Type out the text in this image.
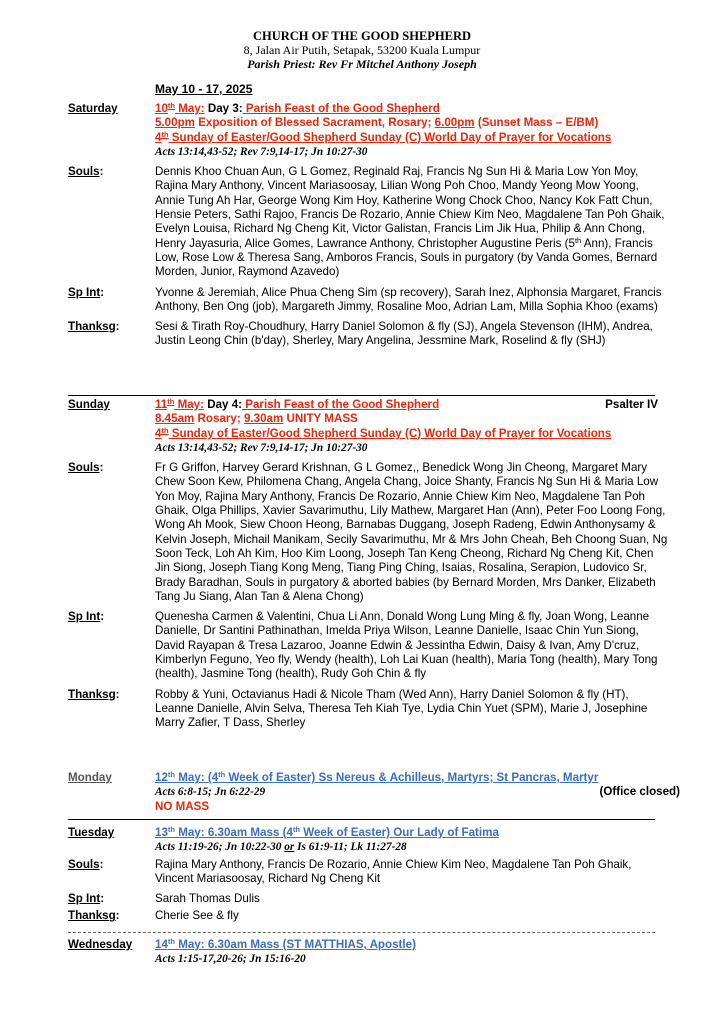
CHURCH OF THE GOOD SHEPHERD
8, Jalan Air Putih, Setapak, 53200 Kuala Lumpur
Parish Priest: Rev Fr Mitchel Anthony Joseph
May 10 - 17, 2025
Saturday	10th May: Day 3: Parish Feast of the Good Shepherd
5.00pm Exposition of Blessed Sacrament, Rosary; 6.00pm (Sunset Mass – E/BM)
4th Sunday of Easter/Good Shepherd Sunday (C) World Day of Prayer for Vocations
Acts 13:14,43-52; Rev 7:9,14-17; Jn 10:27-30
Souls:	Dennis Khoo Chuan Aun, G L Gomez, Reginald Raj, Francis Ng Sun Hi & Maria Low Yon Moy, Rajina Mary Anthony, Vincent Mariasoosay, Lilian Wong Poh Choo, Mandy Yeong Mow Yoong, Annie Tung Ah Har, George Wong Kim Hoy, Katherine Wong Chock Choo, Nancy Kok Fatt Chun, Hensie Peters, Sathi Rajoo, Francis De Rozario, Annie Chiew Kim Neo, Magdalene Tan Poh Ghaik, Evelyn Louisa, Richard Ng Cheng Kit, Victor Galistan, Francis Lim Jik Hua, Philip & Ann Chong, Henry Jayasuria, Alice Gomes, Lawrance Anthony, Christopher Augustine Peris (5th Ann), Francis Low, Rose Low & Theresa Sang, Amboros Francis, Souls in purgatory (by Vanda Gomes, Bernard Morden, Junior, Raymond Azavedo)
Sp Int:	Yvonne & Jeremiah, Alice Phua Cheng Sim (sp recovery), Sarah Inez, Alphonsia Margaret, Francis Anthony, Ben Ong (job), Margareth Jimmy, Rosaline Moo, Adrian Lam, Milla Sophia Khoo (exams)
Thanksg:	Sesi & Tirath Roy-Choudhury, Harry Daniel Solomon & fly (SJ), Angela Stevenson (IHM), Andrea, Justin Leong Chin (b'day), Sherley, Mary Angelina, Jessmine Mark, Roselind & fly (SHJ)
Sunday	Psalter IV
11th May: Day 4: Parish Feast of the Good Shepherd
8.45am Rosary; 9.30am UNITY MASS
4th Sunday of Easter/Good Shepherd Sunday (C) World Day of Prayer for Vocations
Acts 13:14,43-52; Rev 7:9,14-17; Jn 10:27-30
Souls:	Fr G Griffon, Harvey Gerard Krishnan, G L Gomez,, Benedick Wong Jin Cheong, Margaret Mary Chew Soon Kew, Philomena Chang, Angela Chang, Joice Shanty, Francis Ng Sun Hi & Maria Low Yon Moy, Rajina Mary Anthony, Francis De Rozario, Annie Chiew Kim Neo, Magdalene Tan Poh Ghaik, Olga Phillips, Xavier Savarimuthu, Lily Mathew, Margaret Han (Ann), Peter Foo Loong Fong, Wong Ah Mook, Siew Choon Heong, Barnabas Duggang, Joseph Radeng, Edwin Anthonysamy & Kelvin Joseph, Michail Manikam, Secily Savarimuthu, Mr & Mrs John Cheah, Beh Choong Suan, Ng Soon Teck, Loh Ah Kim, Hoo Kim Loong, Joseph Tan Keng Cheong, Richard Ng Cheng Kit, Chen Jin Siong, Joseph Tiang Kong Meng, Tiang Ping Ching, Isaias, Rosalina, Serapion, Ludovico Sr, Brady Baradhan, Souls in purgatory & aborted babies (by Bernard Morden, Mrs Danker, Elizabeth Tang Ju Siang, Alan Tan & Alena Chong)
Sp Int:	Quenesha Carmen & Valentini, Chua Li Ann, Donald Wong Lung Ming & fly, Joan Wong, Leanne Danielle, Dr Santini Pathinathan, Imelda Priya Wilson, Leanne Danielle, Isaac Chin Yun Siong, David Rayapan & Tresa Lazaroo, Joanne Edwin & Jessintha Edwin, Daisy & Ivan, Amy D'cruz, Kimberlyn Feguno, Yeo fly, Wendy (health), Loh Lai Kuan (health), Maria Tong (health), Mary Tong (health), Jasmine Tong (health), Rudy Goh Chin & fly
Thanksg:	Robby & Yuni, Octavianus Hadi & Nicole Tham (Wed Ann), Harry Daniel Solomon & fly (HT), Leanne Danielle, Alvin Selva, Theresa Teh Kiah Tye, Lydia Chin Yuet (SPM), Marie J, Josephine Marry Zafier, T Dass, Sherley
Monday	12th May: (4th Week of Easter) Ss Nereus & Achilleus, Martyrs; St Pancras, Martyr
Acts 6:8-15; Jn 6:22-29	(Office closed)
NO MASS
Tuesday	13th May: 6.30am Mass (4th Week of Easter) Our Lady of Fatima
Acts 11:19-26; Jn 10:22-30 or Is 61:9-11; Lk 11:27-28
Souls:	Rajina Mary Anthony, Francis De Rozario, Annie Chiew Kim Neo, Magdalene Tan Poh Ghaik, Vincent Mariasoosay, Richard Ng Cheng Kit
Sp Int:	Sarah Thomas Dulis
Thanksg:	Cherie See & fly
Wednesday 14th May: 6.30am Mass (ST MATTHIAS, Apostle)
Acts 1:15-17,20-26; Jn 15:16-20
